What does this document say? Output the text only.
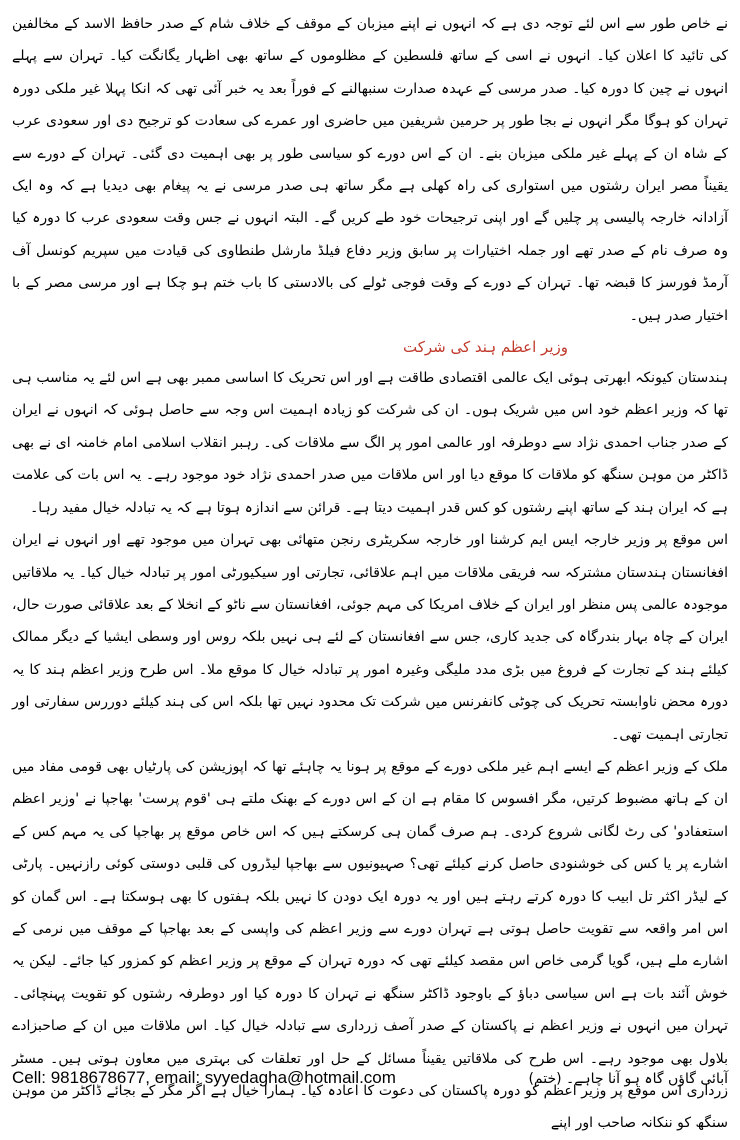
نے خاص طور سے اس لئے توجہ دی ہے کہ انہوں نے اپنے میزبان کے موقف کے خلاف شام کے صدر حافظ الاسد کے مخالفین کی تائید کا اعلان کیا۔ انہوں نے اسی کے ساتھ فلسطین کے مظلوموں کے ساتھ بھی اظہار یگانگت کیا۔ تہران سے پہلے انہوں نے چین کا دورہ کیا۔ صدر مرسی کے عہدہ صدارت سنبھالنے کے فوراً بعد یہ خبر آئی تھی کہ انکا پہلا غیر ملکی دورہ تہران کو ہوگا مگر انہوں نے بجا طور پر حرمین شریفین میں حاضری اور عمرے کی سعادت کو ترجیح دی اور سعودی عرب کے شاہ ان کے پہلے غیر ملکی میزبان بنے۔ ان کے اس دورے کو سیاسی طور پر بھی اہمیت دی گئی۔ تہران کے دورے سے یقیناً مصر ایران رشتوں میں استواری کی راہ کھلی ہے مگر ساتھ ہی صدر مرسی نے یہ پیغام بھی دیدیا ہے کہ وہ ایک آزادانہ خارجہ پالیسی پر چلیں گے اور اپنی ترجیحات خود طے کریں گے۔ البتہ انہوں نے جس وقت سعودی عرب کا دورہ کیا وہ صرف نام کے صدر تھے اور جملہ اختیارات پر سابق وزیر دفاع فیلڈ مارشل طنطاوی کی قیادت میں سپریم کونسل آف آرمڈ فورسز کا قبضہ تھا۔ تہران کے دورے کے وقت فوجی ٹولے کی بالادستی کا باب ختم ہو چکا ہے اور مرسی مصر کے با اختیار صدر ہیں۔

وزیر اعظم ہند کی شرکت

ہندستان کیونکہ ابھرتی ہوئی ایک عالمی اقتصادی طاقت ہے اور اس تحریک کا اساسی ممبر بھی ہے اس لئے یہ مناسب ہی تھا کہ وزیر اعظم خود اس میں شریک ہوں۔ ان کی شرکت کو زیادہ اہمیت اس وجہ سے حاصل ہوئی کہ انہوں نے ایران کے صدر جناب احمدی نژاد سے دوطرفہ اور عالمی امور پر الگ سے ملاقات کی۔ رہبر انقلاب اسلامی امام خامنہ ای نے بھی ڈاکٹر من موہن سنگھ کو ملاقات کا موقع دیا اور اس ملاقات میں صدر احمدی نژاد خود موجود رہے۔ یہ اس بات کی علامت ہے کہ ایران ہند کے ساتھ اپنے رشتوں کو کس قدر اہمیت دیتا ہے۔ قرائن سے اندازہ ہوتا ہے کہ یہ تبادلہ خیال مفید رہا۔

اس موقع پر وزیر خارجہ ایس ایم کرشنا اور خارجہ سکریٹری رنجن متھائی بھی تہران میں موجود تھے اور انہوں نے ایران افغانستان ہندستان مشترکہ سہ فریقی ملاقات میں اہم علاقائی، تجارتی اور سیکیورٹی امور پر تبادلہ خیال کیا۔ یہ ملاقاتیں موجودہ عالمی پس منظر اور ایران کے خلاف امریکا کی مہم جوئی، افغانستان سے ناٹو کے انخلا کے بعد علاقائی صورت حال، ایران کے چاہ بہار بندرگاہ کی جدید کاری، جس سے افغانستان کے لئے ہی نہیں بلکہ روس اور وسطی ایشیا کے دیگر ممالک کیلئے ہند کے تجارت کے فروغ میں بڑی مدد ملیگی وغیرہ امور پر تبادلہ خیال کا موقع ملا۔ اس طرح وزیر اعظم ہند کا یہ دورہ محض ناوابستہ تحریک کی چوٹی کانفرنس میں شرکت تک محدود نہیں تھا بلکہ اس کی ہند کیلئے دوررس سفارتی اور تجارتی اہمیت تھی۔

ملک کے وزیر اعظم کے ایسے اہم غیر ملکی دورے کے موقع پر ہونا یہ چاہئے تھا کہ اپوزیشن کی پارٹیاں بھی قومی مفاد میں ان کے ہاتھ مضبوط کرتیں، مگر افسوس کا مقام ہے ان کے اس دورے کے بھنک ملتے ہی 'قوم پرست' بھاجپا نے 'وزیر اعظم استعفادو' کی رٹ لگانی شروع کردی۔ ہم صرف گمان ہی کرسکتے ہیں کہ اس خاص موقع پر بھاجپا کی یہ مہم کس کے اشارے پر یا کس کی خوشنودی حاصل کرنے کیلئے تھی؟ صہیونیوں سے بھاجپا لیڈروں کی قلبی دوستی کوئی رازنہیں۔ پارٹی کے لیڈر اکثر تل ابیب کا دورہ کرتے رہتے ہیں اور یہ دورہ ایک دودن کا نہیں بلکہ ہفتوں کا بھی ہوسکتا ہے۔ اس گمان کو اس امر واقعہ سے تقویت حاصل ہوتی ہے تہران دورے سے وزیر اعظم کی واپسی کے بعد بھاجپا کے موقف میں نرمی کے اشارے ملے ہیں، گویا گرمی خاص اس مقصد کیلئے تھی کہ دورہ تہران کے موقع پر وزیر اعظم کو کمزور کیا جائے۔ لیکن یہ خوش آئند بات ہے اس سیاسی دباؤ کے باوجود ڈاکٹر سنگھ نے تہران کا دورہ کیا اور دوطرفہ رشتوں کو تقویت پہنچائی۔ تہران میں انہوں نے وزیر اعظم نے پاکستان کے صدر آصف زرداری سے تبادلہ خیال کیا۔ اس ملاقات میں ان کے صاحبزادے بلاول بھی موجود رہے۔ اس طرح کی ملاقاتیں یقیناً مسائل کے حل اور تعلقات کی بہتری میں معاون ہوتی ہیں۔ مسٹر زرداری اس موقع پر وزیر اعظم کو دورہ پاکستان کی دعوت کا اعادہ کیا۔ ہمارا خیال ہے اگر مگر کے بجائے ڈاکٹر من موہن سنگھ کو ننکانہ صاحب اور اپنے

آبائی گاؤں گاہ ہو آنا چاہے۔ (ختم)
Cell: 9818678677, email: syyedagha@hotmail.com
